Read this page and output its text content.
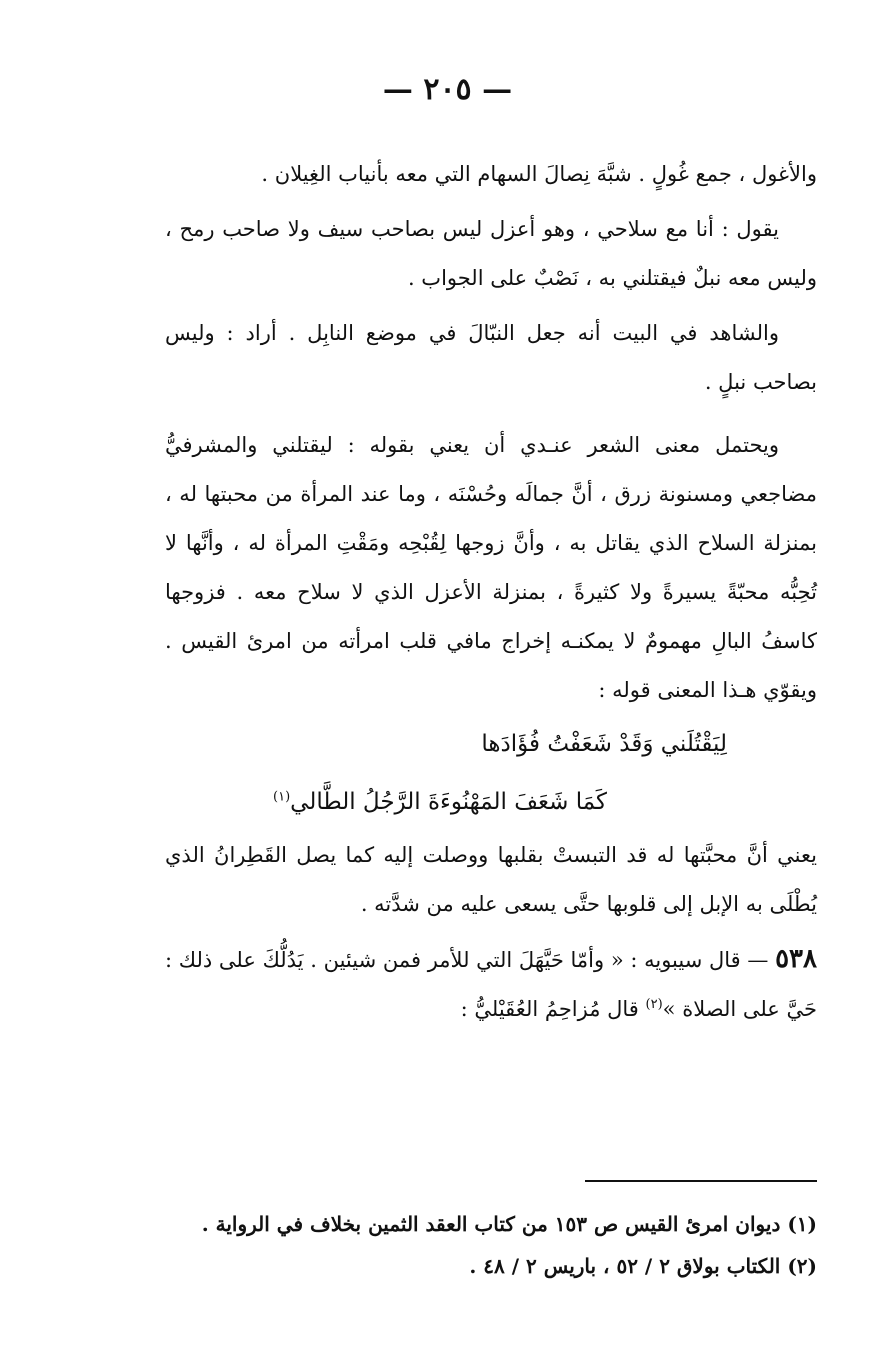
— ٢٠٥ —

والأغول ، جمع غُولٍ . شبَّهَ نِصالَ السهام التي معه بأنياب الغِيلان .

يقول : أنا مع سلاحي ، وهو أعزل ليس بصاحب سيف ولا صاحب رمح ، وليس معه نبلٌ فيقتلني به ، نَصْبٌ على الجواب .

والشاهد في البيت أنه جعل النبّالَ في موضع النابِل . أراد : وليس بصاحب نبلٍ .

ويحتمل معنى الشعر عنـدي أن يعني بقوله : ليقتلني والمشرفيُّ مضاجعي ومسنونة زرق ، أنَّ جمالَه وحُسْنَه ، وما عند المرأة من محبتها له ، بمنزلة السلاح الذي يقاتل به ، وأنَّ زوجها لِقُبْحِه ومَقْتِ المرأة له ، وأنَّها لا تُحِبُّه محبّةً يسيرةً ولا كثيرةً ، بمنزلة الأعزل الذي لا سلاح معه . فزوجها كاسفُ البالِ مهمومٌ لا يمكنـه إخراج مافي قلب امرأته من امرئ القيس . ويقوّي هـذا المعنى قوله :

لِيَقْتُلَني وَقَدْ شَعَفْتُ فُؤَادَها

كَمَا شَعَفَ المَهْنُوءَةَ الرَّجُلُ الطَّالي$^{(١)}$

يعني أنَّ محبَّتها له قد التبستْ بقلبها ووصلت إليه كما يصل القَطِرانُ الذي يُطْلَى به الإبل إلى قلوبها حتَّى يسعى عليه من شدَّته .

٥٣٨ — قال سيبويه : « وأمّا حَيَّهَلَ التي للأمر فمن شيئين . يَدُلُّكَ على ذلك : حَيَّ على الصلاة »$^{(٢)}$ قال مُزاحِمُ العُقَيْليُّ :

(١) ديوان امرئ القيس ص ١٥٣ من كتاب العقد الثمين بخلاف في الرواية .

(٢) الكتاب بولاق ٢ / ٥٢ ، باريس ٢ / ٤٨ .
